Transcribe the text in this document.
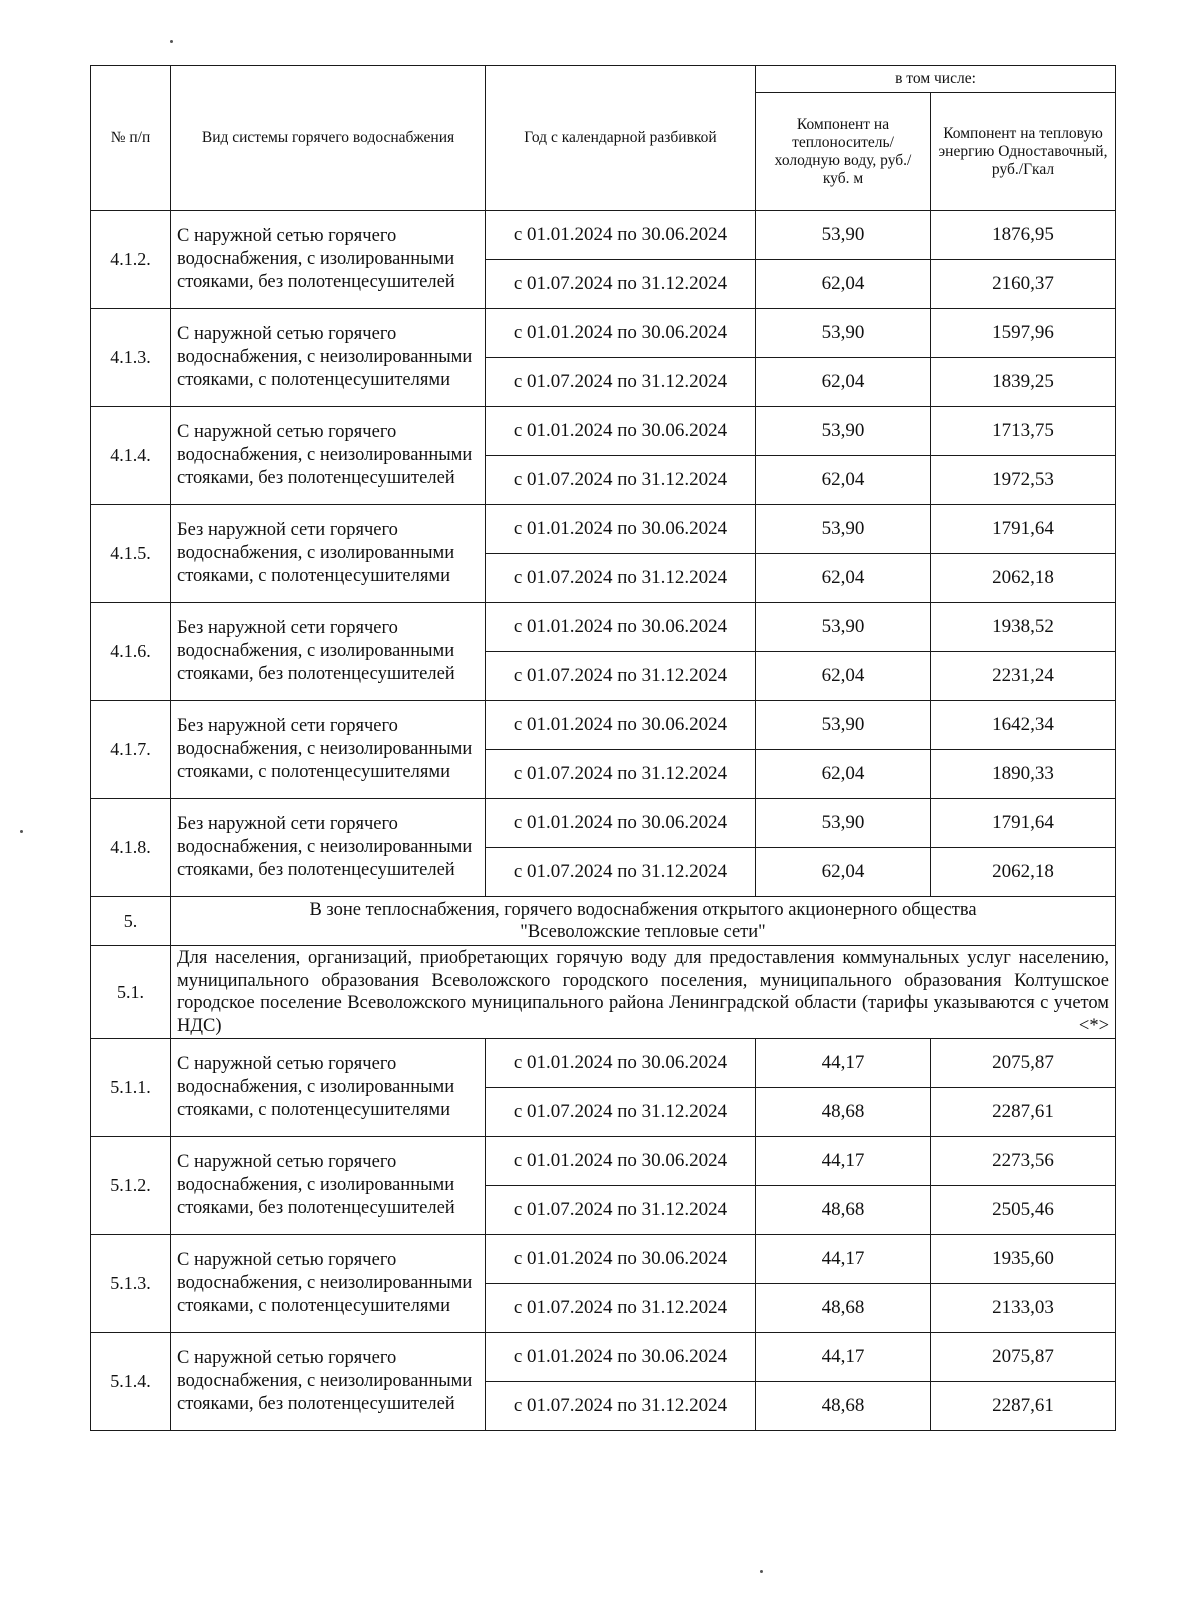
№ п/п	Вид системы горячего водоснабжения	Год с календарной разбивкой	в том числе:	
			Компонент на теплоноситель/ холодную воду, руб./куб. м	Компонент на тепловую энергию Одноставочный, руб./Гкал
4.1.2.	С наружной сетью горячего водоснабжения, с изолированными стояками, без полотенцесушителей	с 01.01.2024 по 30.06.2024	53,90	1876,95
		с 01.07.2024 по 31.12.2024	62,04	2160,37
4.1.3.	С наружной сетью горячего водоснабжения, с неизолированными стояками, с полотенцесушителями	с 01.01.2024 по 30.06.2024	53,90	1597,96
		с 01.07.2024 по 31.12.2024	62,04	1839,25
4.1.4.	С наружной сетью горячего водоснабжения, с неизолированными стояками, без полотенцесушителей	с 01.01.2024 по 30.06.2024	53,90	1713,75
		с 01.07.2024 по 31.12.2024	62,04	1972,53
4.1.5.	Без наружной сети горячего водоснабжения, с изолированными стояками, с полотенцесушителями	с 01.01.2024 по 30.06.2024	53,90	1791,64
		с 01.07.2024 по 31.12.2024	62,04	2062,18
4.1.6.	Без наружной сети горячего водоснабжения, с изолированными стояками, без полотенцесушителей	с 01.01.2024 по 30.06.2024	53,90	1938,52
		с 01.07.2024 по 31.12.2024	62,04	2231,24
4.1.7.	Без наружной сети горячего водоснабжения, с неизолированными стояками, с полотенцесушителями	с 01.01.2024 по 30.06.2024	53,90	1642,34
		с 01.07.2024 по 31.12.2024	62,04	1890,33
4.1.8.	Без наружной сети горячего водоснабжения, с неизолированными стояками, без полотенцесушителей	с 01.01.2024 по 30.06.2024	53,90	1791,64
		с 01.07.2024 по 31.12.2024	62,04	2062,18
5.	В зоне теплоснабжения, горячего водоснабжения открытого акционерного общества
"Всеволожские тепловые сети"			
5.1.	Для населения, организаций, приобретающих горячую воду для предоставления коммунальных услуг населению, муниципального образования Всеволожского городского поселения, муниципального образования Колтушское городское поселение Всеволожского муниципального района Ленинградской области (тарифы указываются с учетом НДС) <*>			
5.1.1.	С наружной сетью горячего водоснабжения, с изолированными стояками, с полотенцесушителями	с 01.01.2024 по 30.06.2024	44,17	2075,87
		с 01.07.2024 по 31.12.2024	48,68	2287,61
5.1.2.	С наружной сетью горячего водоснабжения, с изолированными стояками, без полотенцесушителей	с 01.01.2024 по 30.06.2024	44,17	2273,56
		с 01.07.2024 по 31.12.2024	48,68	2505,46
5.1.3.	С наружной сетью горячего водоснабжения, с неизолированными стояками, с полотенцесушителями	с 01.01.2024 по 30.06.2024	44,17	1935,60
		с 01.07.2024 по 31.12.2024	48,68	2133,03
5.1.4.	С наружной сетью горячего водоснабжения, с неизолированными стояками, без полотенцесушителей	с 01.01.2024 по 30.06.2024	44,17	2075,87
		с 01.07.2024 по 31.12.2024	48,68	2287,61
